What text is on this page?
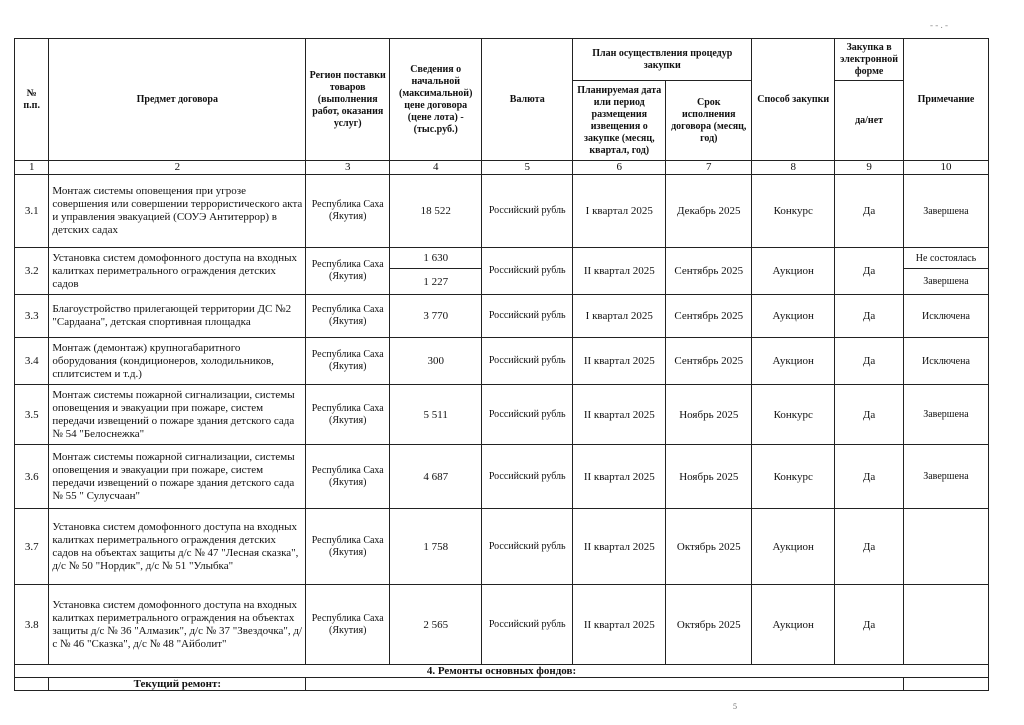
- - . -
№ п.п.	Предмет договора	Регион поставки товаров (выполнения работ, оказания услуг)	Сведения о начальной (максимальной) цене договора (цене лота) - (тыс.руб.)	Валюта	План осуществления процедур закупки		Способ закупки	Закупка в электронной форме	Примечание
					Планируемая дата или период размещения извещения о закупке (месяц, квартал, год)	Срок исполнения договора (месяц, год)		да/нет	
1	2	3	4	5	6	7	8	9	10
3.1	Монтаж системы оповещения при угрозе совершения или совершении террористического акта и управления эвакуацией (СОУЭ Антитеррор) в детских садах	Республика Саха (Якутия)	18 522	Российский рубль	I квартал 2025	Декабрь 2025	Конкурс	Да	Завершена
3.2	Установка систем домофонного доступа на входных калитках периметрального ограждения детских садов	Республика Саха (Якутия)	1 630	Российский рубль	II квартал 2025	Сентябрь 2025	Аукцион	Да	Не состоялась
			1 227						Завершена
3.3	Благоустройство прилегающей территории ДС №2 "Сардаана", детская спортивная площадка	Республика Саха (Якутия)	3 770	Российский рубль	I квартал 2025	Сентябрь 2025	Аукцион	Да	Исключена
3.4	Монтаж (демонтаж) крупногабаритного оборудования (кондиционеров, холодильников, сплитсистем и т.д.)	Республика Саха (Якутия)	300	Российский рубль	II квартал 2025	Сентябрь 2025	Аукцион	Да	Исключена
3.5	Монтаж системы пожарной сигнализации, системы оповещения и эвакуации при пожаре, систем передачи извещений о пожаре здания детского сада № 54 "Белоснежка"	Республика Саха (Якутия)	5 511	Российский рубль	II квартал 2025	Ноябрь 2025	Конкурс	Да	Завершена
3.6	Монтаж системы пожарной сигнализации, системы оповещения и эвакуации при пожаре, систем передачи извещений о пожаре здания детского сада № 55 " Сулусчаан"	Республика Саха (Якутия)	4 687	Российский рубль	II квартал 2025	Ноябрь 2025	Конкурс	Да	Завершена
3.7	Установка систем домофонного доступа на входных калитках периметрального ограждения детских садов на объектах защиты д/с № 47 "Лесная сказка", д/с № 50 "Нордик", д/с № 51 "Улыбка"	Республика Саха (Якутия)	1 758	Российский рубль	II квартал 2025	Октябрь 2025	Аукцион	Да	
3.8	Установка систем домофонного доступа на входных калитках периметрального ограждения на объектах защиты д/с № 36 "Алмазик", д/с № 37 "Звездочка", д/с № 46 "Сказка", д/с № 48 "Айболит"	Республика Саха (Якутия)	2 565	Российский рубль	II квартал 2025	Октябрь 2025	Аукцион	Да	
4. Ремонты основных фондов:									
	Текущий ремонт:								
5
